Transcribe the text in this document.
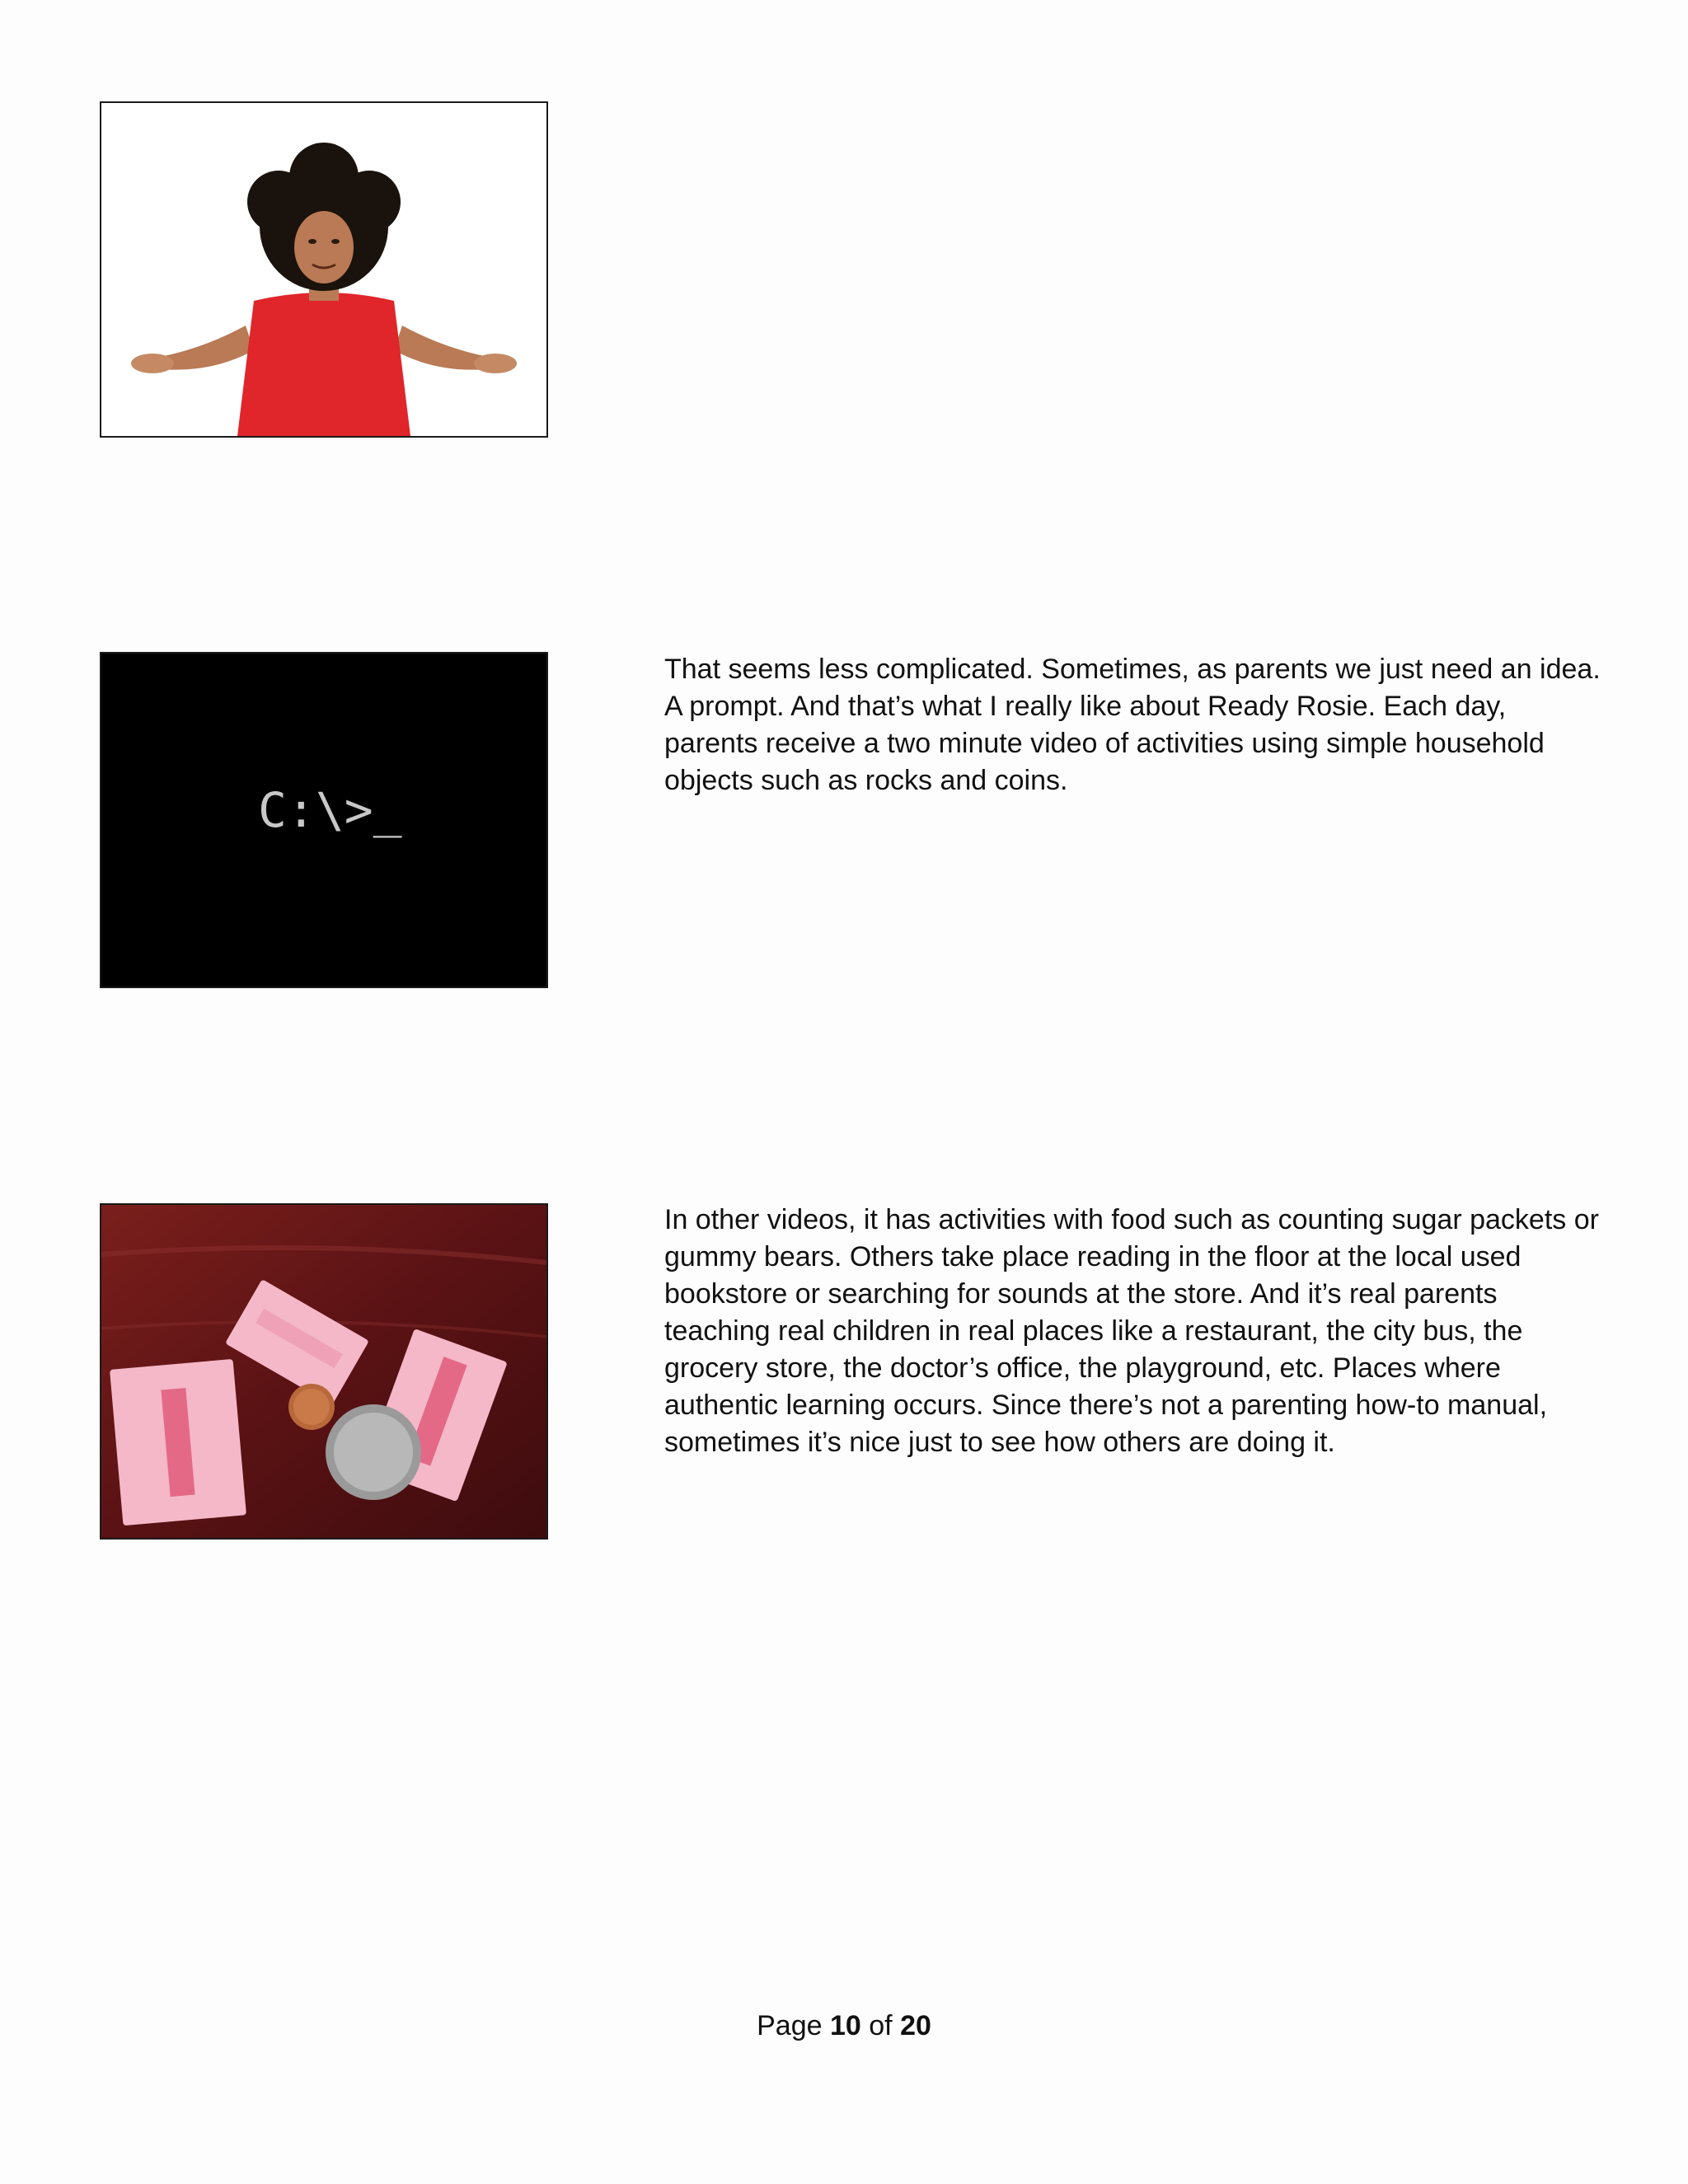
C:\>_

That seems less complicated. Sometimes, as parents we just need an idea. A prompt. And that’s what I really like about Ready Rosie. Each day, parents receive a two minute video of activities using simple household objects such as rocks and coins.

In other videos, it has activities with food such as counting sugar packets or gummy bears. Others take place reading in the floor at the local used bookstore or searching for sounds at the store. And it’s real parents teaching real children in real places like a restaurant, the city bus, the grocery store, the doctor’s office, the playground, etc. Places where authentic learning occurs. Since there’s not a parenting how-to manual, sometimes it’s nice just to see how others are doing it.

Page 10 of 20
